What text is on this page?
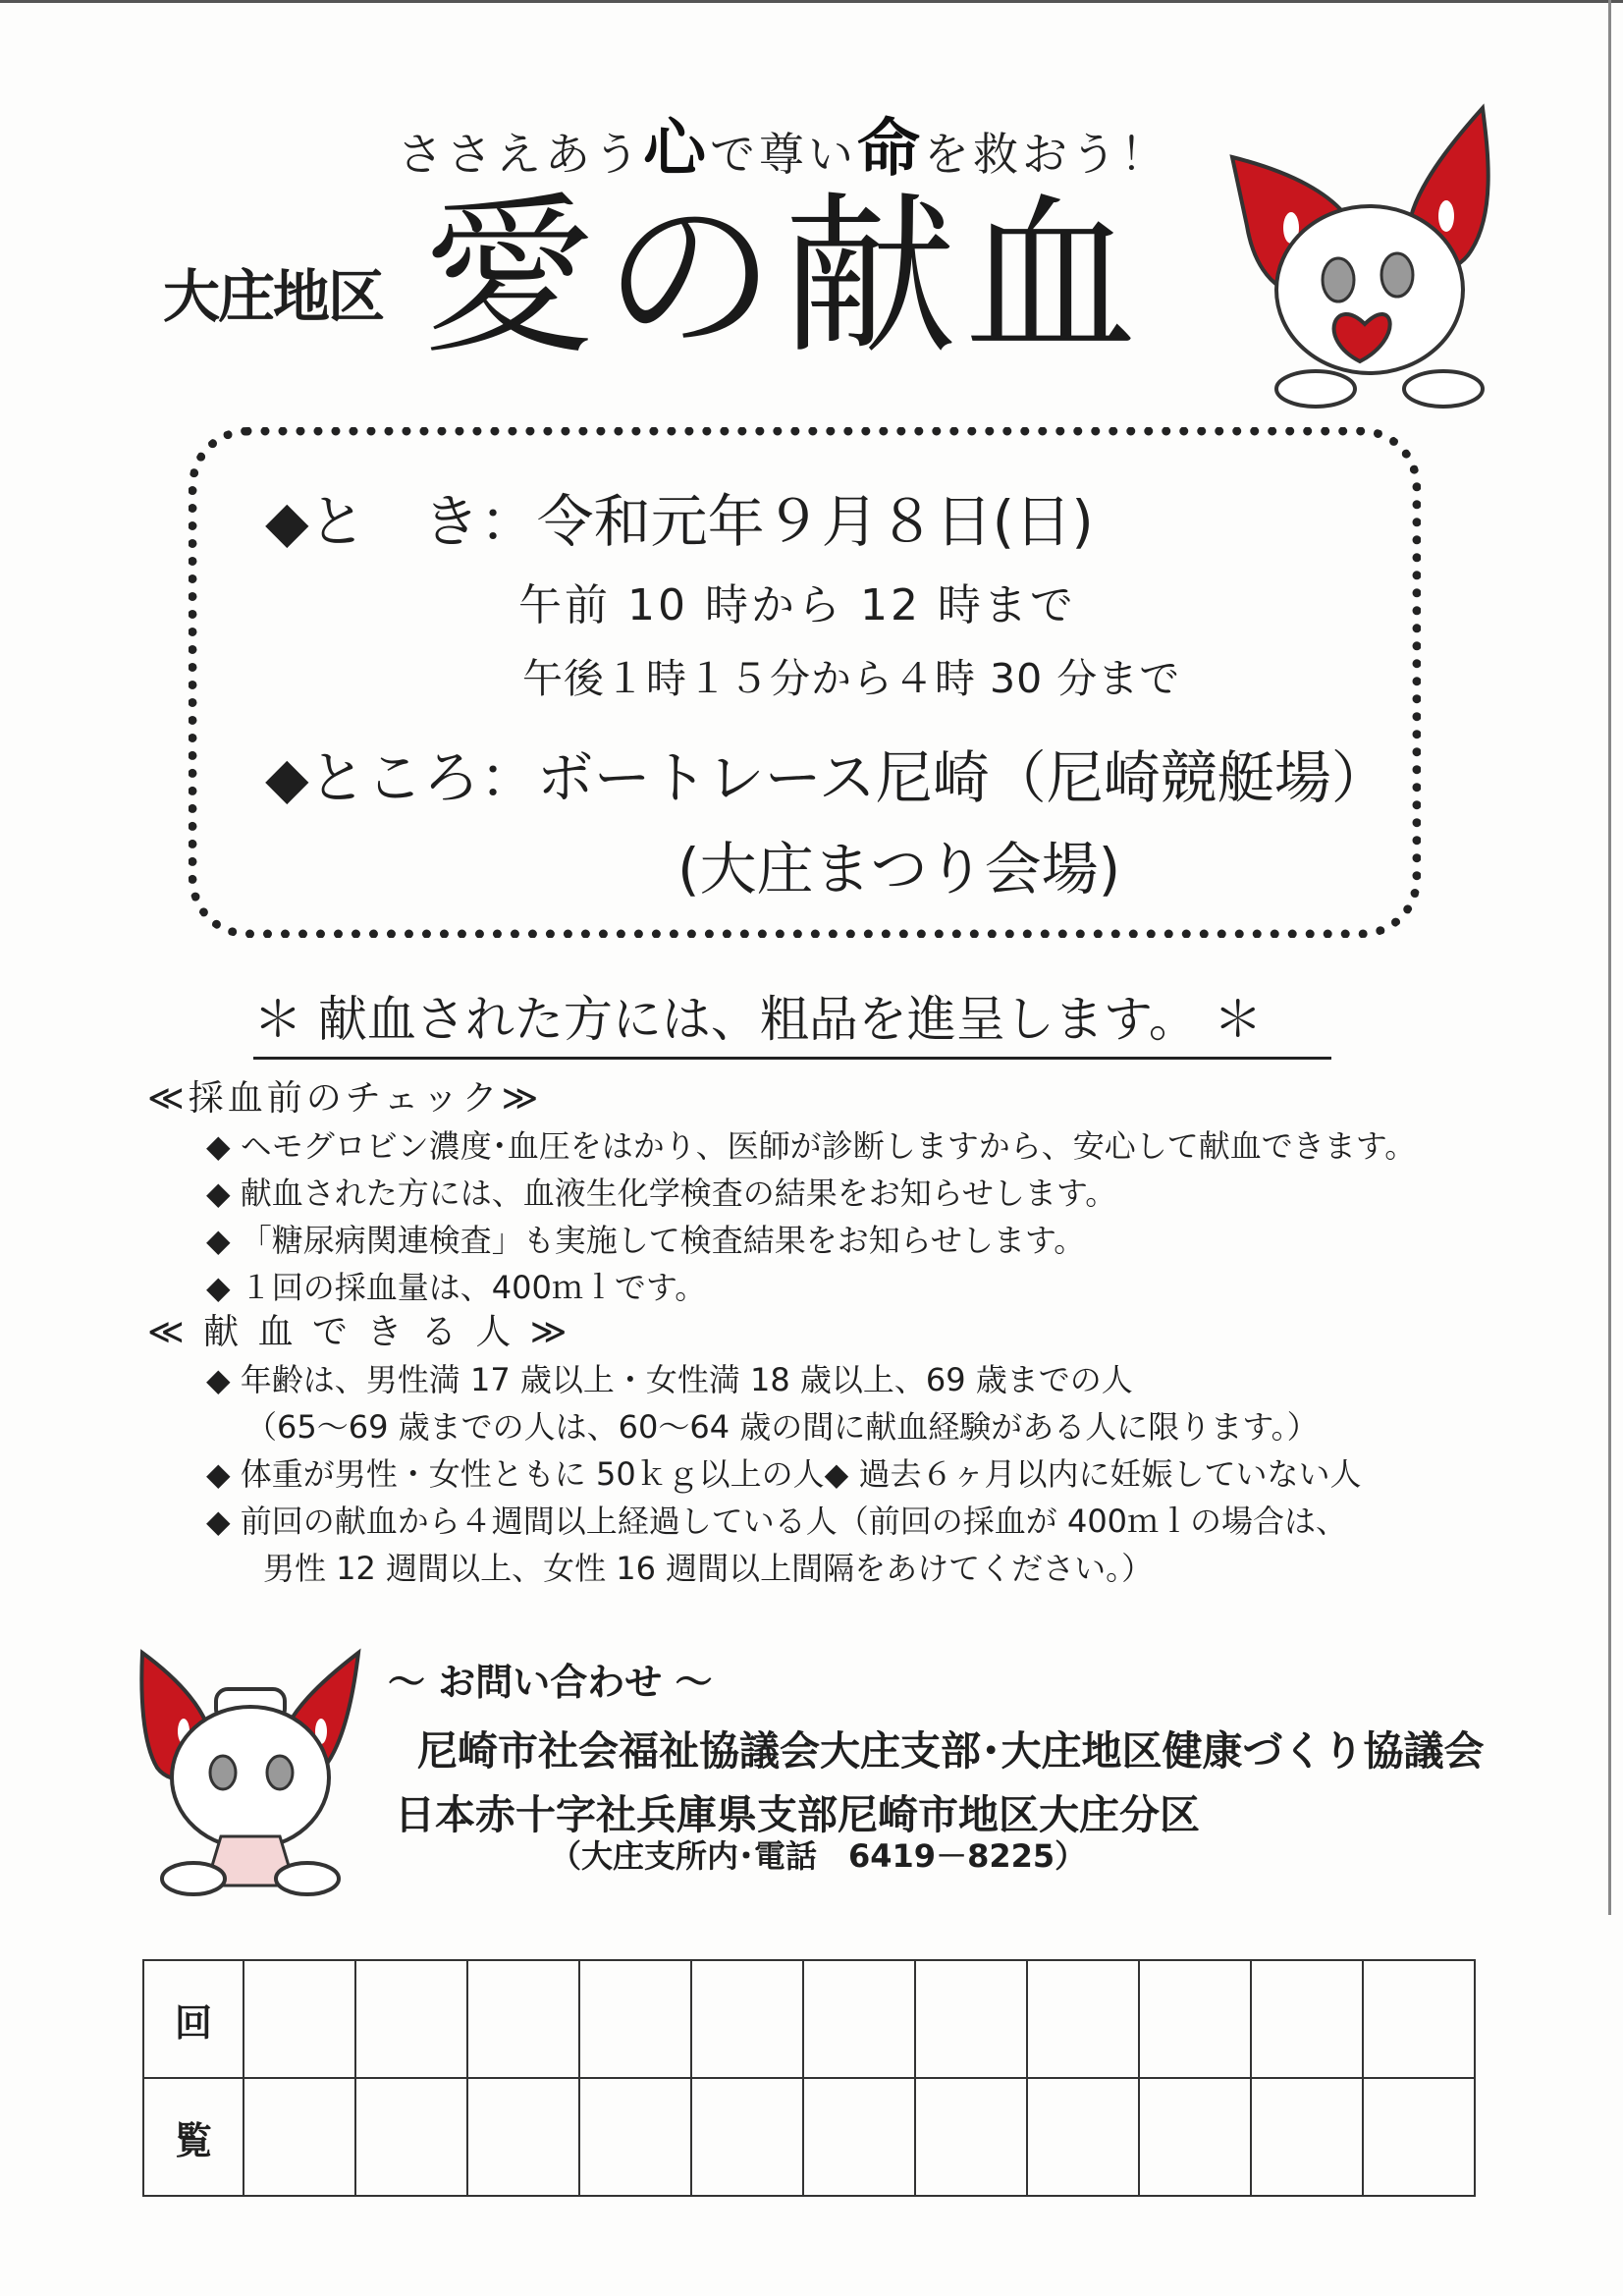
ささえあう心で尊い命を救おう！
大庄地区 愛の献血
◆と　き：令和元年９月８日(日)
午前 10 時から 12 時まで
午後１時１５分から４時 30 分まで
◆ところ：ボートレース尼崎（尼崎競艇場）
(大庄まつり会場)
＊ 献血された方には、粗品を進呈します。 ＊
≪採血前のチェック≫
◆ ヘモグロビン濃度･血圧をはかり、医師が診断しますから、安心して献血できます。
◆ 献血された方には、血液生化学検査の結果をお知らせします。
◆ 「糖尿病関連検査」も実施して検査結果をお知らせします。
◆ １回の採血量は、400ｍｌです。
≪ 献 血 で き る 人 ≫
◆ 年齢は、男性満 17 歳以上・女性満 18 歳以上、69 歳までの人
（65～69 歳までの人は、60～64 歳の間に献血経験がある人に限ります。）
◆ 体重が男性・女性ともに 50ｋｇ以上の人◆ 過去６ヶ月以内に妊娠していない人
◆ 前回の献血から４週間以上経過している人（前回の採血が 400ｍｌの場合は、
男性 12 週間以上、女性 16 週間以上間隔をあけてください。）
～ お問い合わせ ～
尼崎市社会福祉協議会大庄支部･大庄地区健康づくり協議会
日本赤十字社兵庫県支部尼崎市地区大庄分区
（大庄支所内･電話　6419－8225）
回											
覧											
